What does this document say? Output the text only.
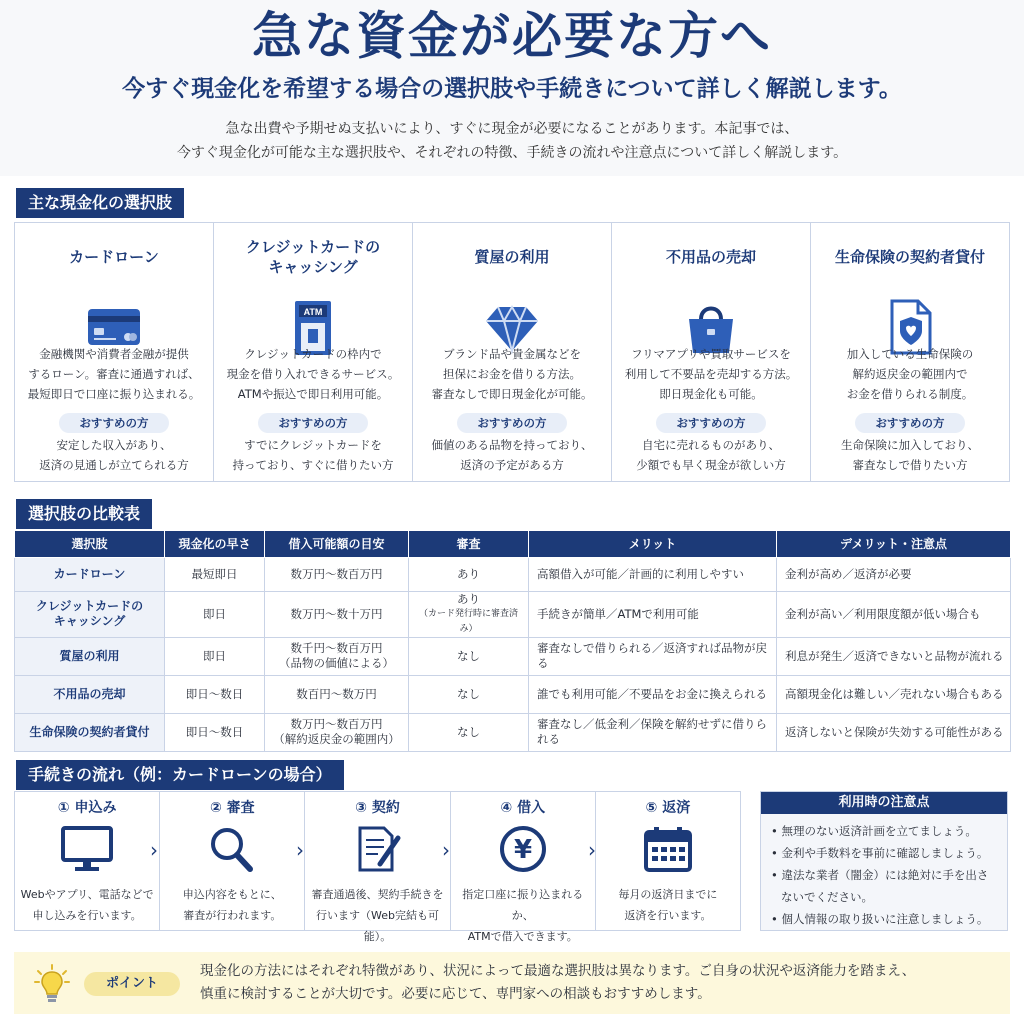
急な資金が必要な方へ
今すぐ現金化を希望する場合の選択肢や手続きについて詳しく解説します。

急な出費や予期せぬ支払いにより、すぐに現金が必要になることがあります。本記事では、

今すぐ現金化が可能な主な選択肢や、それぞれの特徴、手続きの流れや注意点について詳しく解説します。

主な現金化の選択肢
カードローン
金融機関や消費者金融が提供
するローン。審査に通過すれば、
最短即日で口座に振り込まれる。
おすすめの方
安定した収入があり、
返済の見通しが立てられる方
クレジットカードの
キャッシング
ATM
クレジットカードの枠内で
現金を借り入れできるサービス。
ATMや振込で即日利用可能。
おすすめの方
すでにクレジットカードを
持っており、すぐに借りたい方
質屋の利用
ブランド品や貴金属などを
担保にお金を借りる方法。
審査なしで即日現金化が可能。
おすすめの方
価値のある品物を持っており、
返済の予定がある方
不用品の売却
フリマアプリや買取サービスを
利用して不要品を売却する方法。
即日現金化も可能。
おすすめの方
自宅に売れるものがあり、
少額でも早く現金が欲しい方
生命保険の契約者貸付
加入している生命保険の
解約返戻金の範囲内で
お金を借りられる制度。
おすすめの方
生命保険に加入しており、
審査なしで借りたい方
選択肢の比較表
選択肢	現金化の早さ	借入可能額の目安	審査	メリット	デメリット・注意点
カードローン	最短即日	数万円～数百万円	あり	高額借入が可能／計画的に利用しやすい	金利が高め／返済が必要
クレジットカードの
キャッシング	即日	数万円～数十万円	あり
（カード発行時に審査済み）	手続きが簡単／ATMで利用可能	金利が高い／利用限度額が低い場合も
質屋の利用	即日	数千円～数百万円
（品物の価値による）	なし	審査なしで借りられる／返済すれば品物が戻る	利息が発生／返済できないと品物が流れる
不用品の売却	即日～数日	数百円～数万円	なし	誰でも利用可能／不要品をお金に換えられる	高額現金化は難しい／売れない場合もある
生命保険の契約者貸付	即日～数日	数万円～数百万円
（解約返戻金の範囲内）	なし	審査なし／低金利／保険を解約せずに借りられる	返済しないと保険が失効する可能性がある
手続きの流れ（例：カードローンの場合）
① 申込み
Webやアプリ、電話などで
申し込みを行います。
② 審査
申込内容をもとに、
審査が行われます。
③ 契約
審査通過後、契約手続きを
行います（Web完結も可能）。
④ 借入
¥
指定口座に振り込まれるか、
ATMで借入できます。
⑤ 返済
毎月の返済日までに
返済を行います。
›	›	›	›
利用時の注意点
• 無理のない返済計画を立てましょう。
• 金利や手数料を事前に確認しましょう。
• 違法な業者（闇金）には絶対に手を出さないでください。
• 個人情報の取り扱いに注意しましょう。
ポイント
現金化の方法にはそれぞれ特徴があり、状況によって最適な選択肢は異なります。ご自身の状況や返済能力を踏まえ、
慎重に検討することが大切です。必要に応じて、専門家への相談もおすすめします。
